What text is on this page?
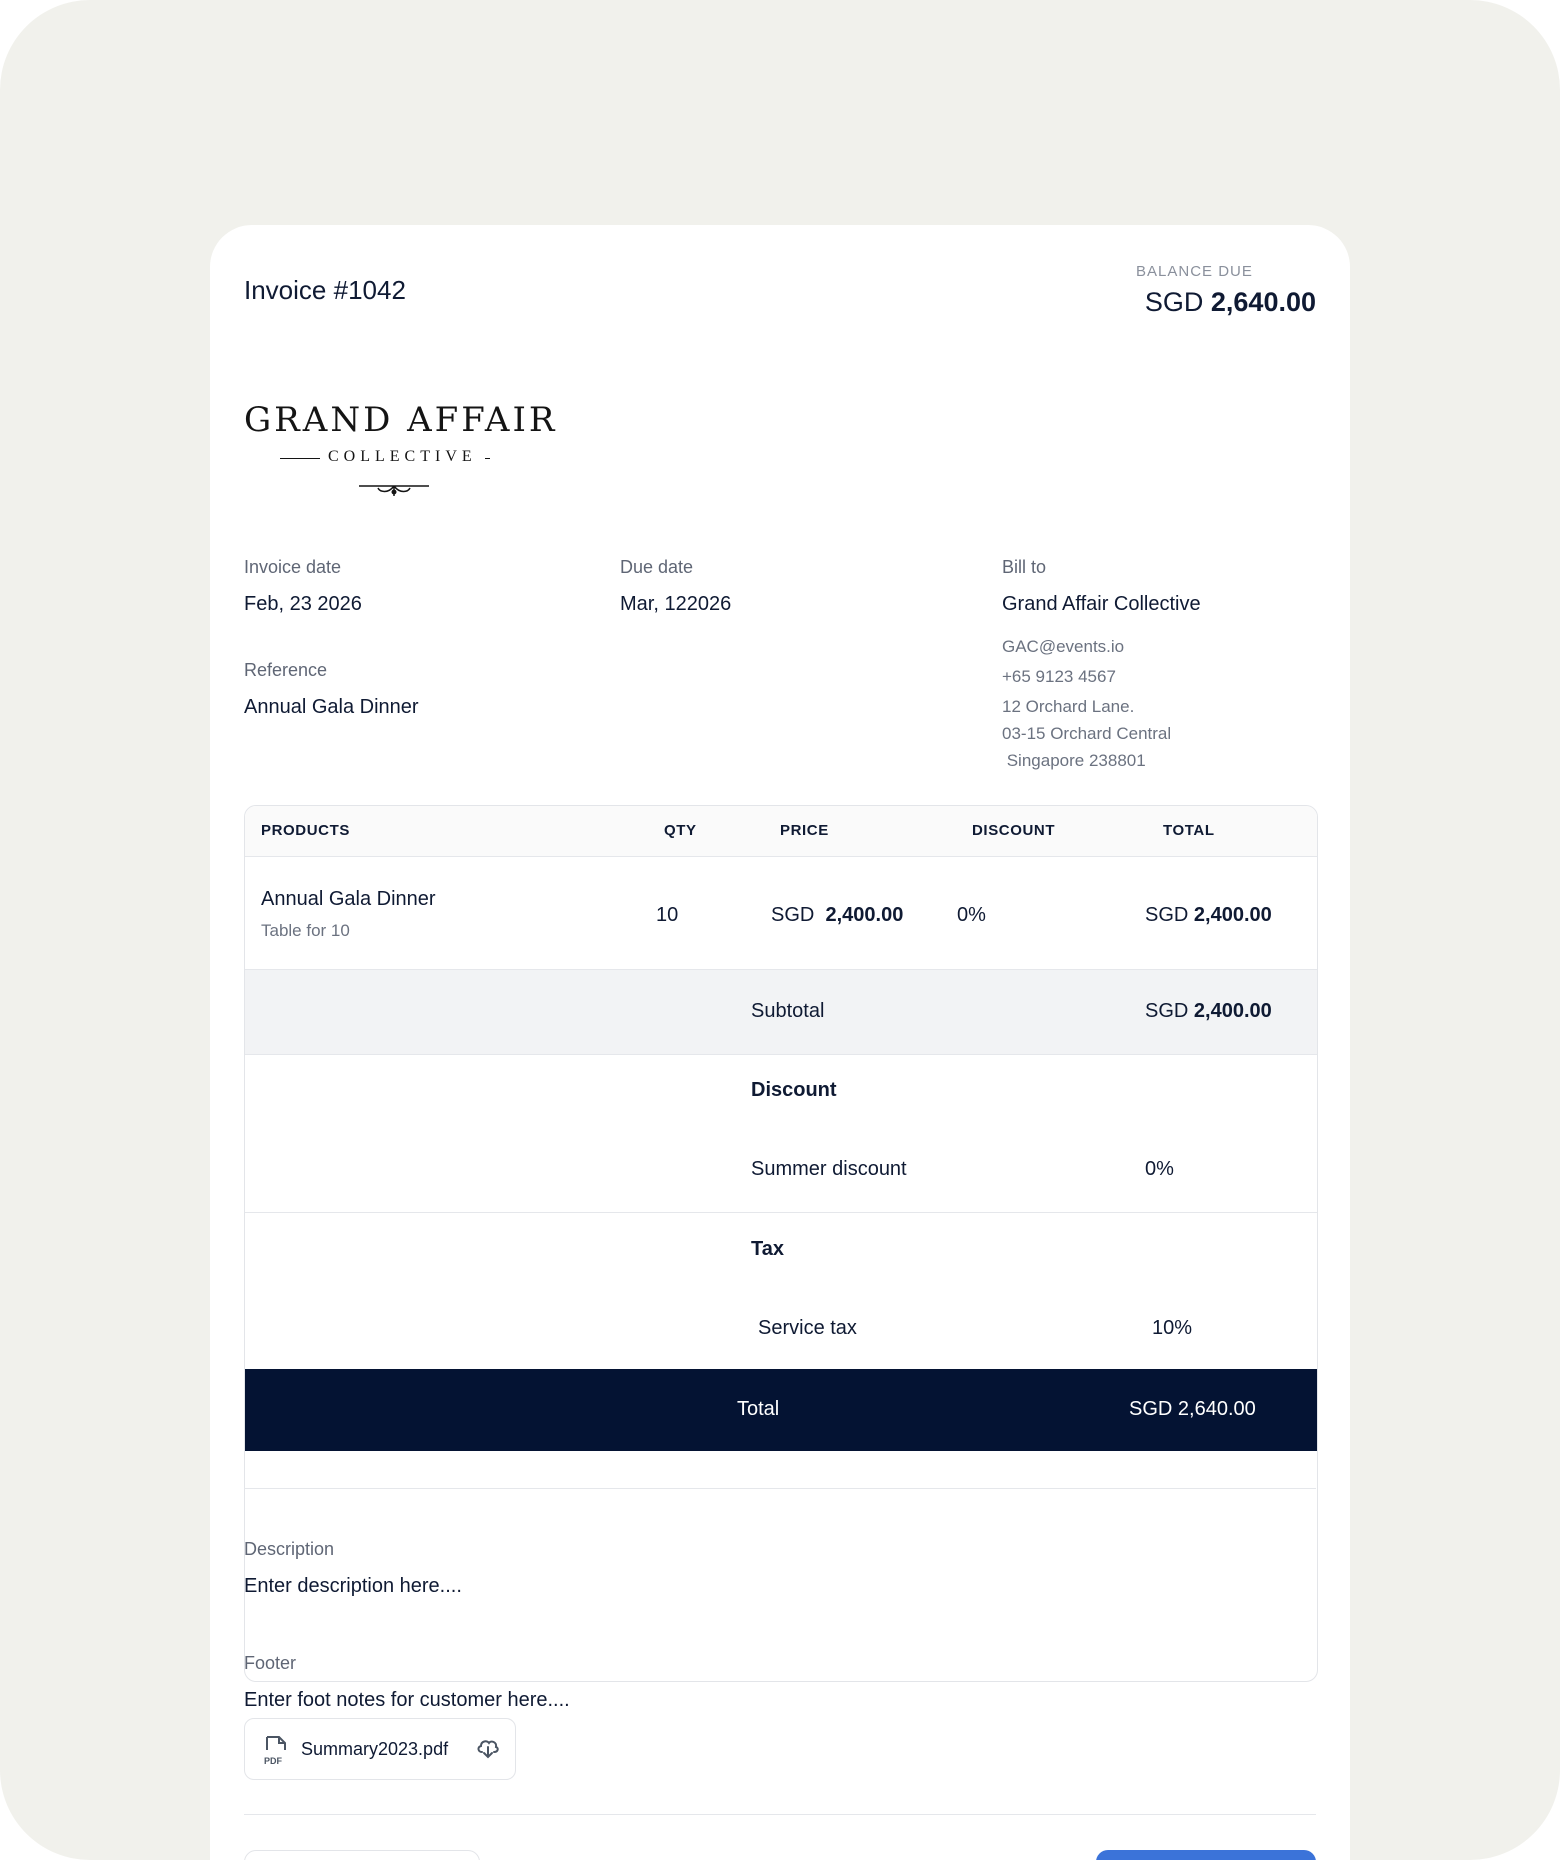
Invoice #1042
BALANCE DUE
SGD 2,640.00
GRAND AFFAIR
COLLECTIVE
Invoice date
Feb, 23 2026
Due date
Mar, 122026
Reference
Annual Gala Dinner
Bill to
Grand Affair Collective
GAC@events.io
+65 9123 4567
12 Orchard Lane.
03-15 Orchard Central
Singapore 238801
PRODUCTS	QTY	PRICE	DISCOUNT	TOTAL
Annual Gala Dinner
Table for 10
10	SGD 2,400.00	0%	SGD 2,400.00
Subtotal	SGD 2,400.00
Discount
Summer discount	0%
Tax
Service tax	10%
Total	SGD 2,640.00
Description
Enter description here....
Footer
Enter foot notes for customer here....
PDF
Summary2023.pdf
